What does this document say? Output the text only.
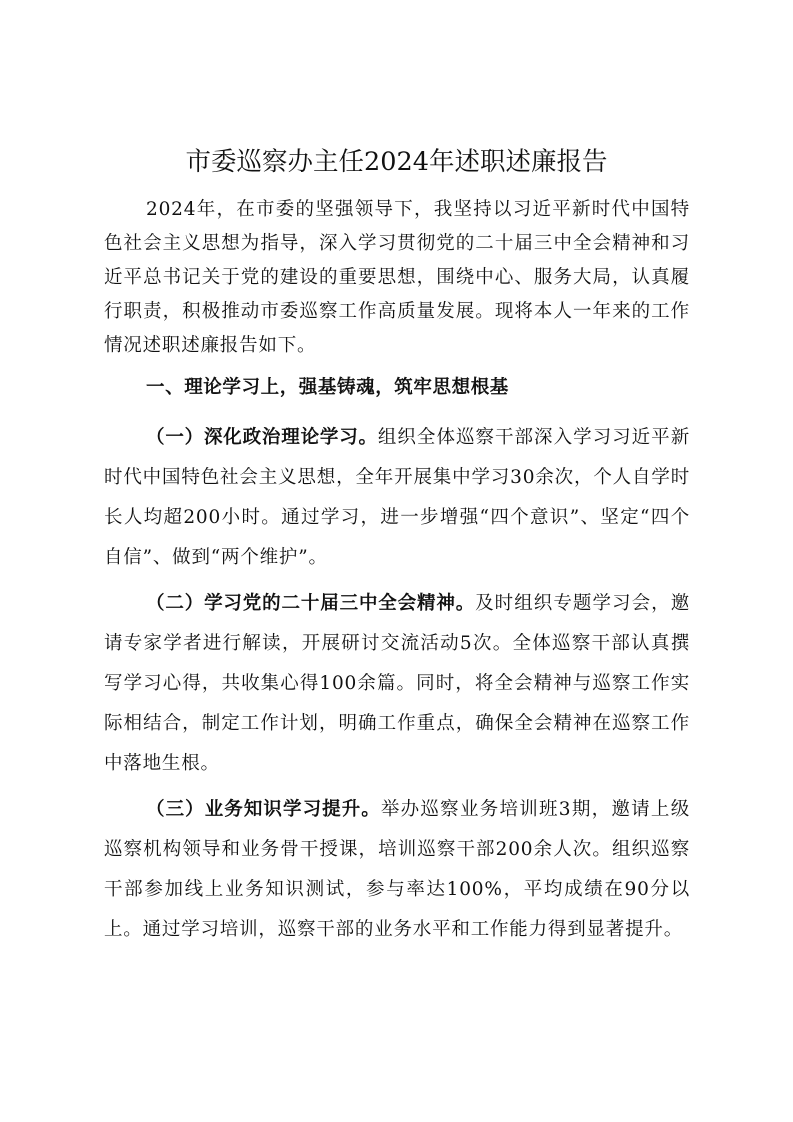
市委巡察办主任2024年述职述廉报告

2024年，在市委的坚强领导下，我坚持以习近平新时代中国特色社会主义思想为指导，深入学习贯彻党的二十届三中全会精神和习近平总书记关于党的建设的重要思想，围绕中心、服务大局，认真履行职责，积极推动市委巡察工作高质量发展。现将本人一年来的工作情况述职述廉报告如下。

一、理论学习上，强基铸魂，筑牢思想根基

（一）深化政治理论学习。组织全体巡察干部深入学习习近平新时代中国特色社会主义思想，全年开展集中学习30余次，个人自学时长人均超200小时。通过学习，进一步增强“四个意识”、坚定“四个自信”、做到“两个维护”。

（二）学习党的二十届三中全会精神。及时组织专题学习会，邀请专家学者进行解读，开展研讨交流活动5次。全体巡察干部认真撰写学习心得，共收集心得100余篇。同时，将全会精神与巡察工作实际相结合，制定工作计划，明确工作重点，确保全会精神在巡察工作中落地生根。

（三）业务知识学习提升。举办巡察业务培训班3期，邀请上级巡察机构领导和业务骨干授课，培训巡察干部200余人次。组织巡察干部参加线上业务知识测试，参与率达100%，平均成绩在90分以上。通过学习培训，巡察干部的业务水平和工作能力得到显著提升。
